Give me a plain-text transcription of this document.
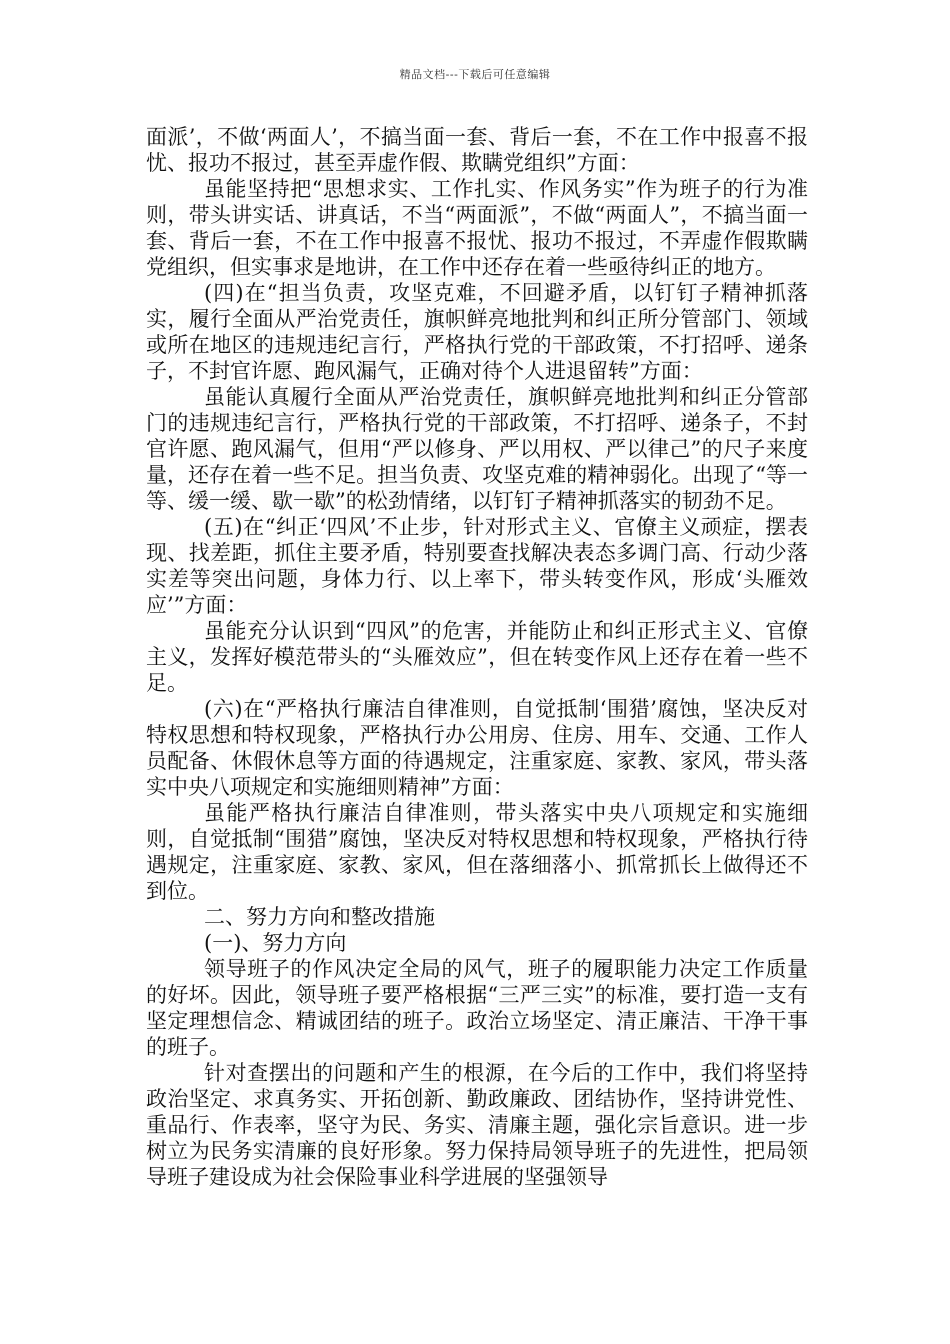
精品文档---下载后可任意编辑

面派’，不做‘两面人’，不搞当面一套、背后一套，不在工作中报喜不报忧、报功不报过，甚至弄虚作假、欺瞒党组织”方面：

虽能坚持把“思想求实、工作扎实、作风务实”作为班子的行为准则，带头讲实话、讲真话，不当“两面派”，不做“两面人”，不搞当面一套、背后一套，不在工作中报喜不报忧、报功不报过，不弄虚作假欺瞒党组织，但实事求是地讲，在工作中还存在着一些亟待纠正的地方。

(四)在“担当负责，攻坚克难，不回避矛盾，以钉钉子精神抓落实，履行全面从严治党责任，旗帜鲜亮地批判和纠正所分管部门、领域或所在地区的违规违纪言行，严格执行党的干部政策，不打招呼、递条子，不封官许愿、跑风漏气，正确对待个人进退留转”方面：

虽能认真履行全面从严治党责任，旗帜鲜亮地批判和纠正分管部门的违规违纪言行，严格执行党的干部政策，不打招呼、递条子，不封官许愿、跑风漏气，但用“严以修身、严以用权、严以律己”的尺子来度量，还存在着一些不足。担当负责、攻坚克难的精神弱化。出现了“等一等、缓一缓、歇一歇”的松劲情绪，以钉钉子精神抓落实的韧劲不足。

(五)在“纠正‘四风’不止步，针对形式主义、官僚主义顽症，摆表现、找差距，抓住主要矛盾，特别要查找解决表态多调门高、行动少落实差等突出问题，身体力行、以上率下，带头转变作风，形成‘头雁效应’”方面：

虽能充分认识到“四风”的危害，并能防止和纠正形式主义、官僚主义，发挥好模范带头的“头雁效应”，但在转变作风上还存在着一些不足。

(六)在“严格执行廉洁自律准则，自觉抵制‘围猎’腐蚀，坚决反对特权思想和特权现象，严格执行办公用房、住房、用车、交通、工作人员配备、休假休息等方面的待遇规定，注重家庭、家教、家风，带头落实中央八项规定和实施细则精神”方面：

虽能严格执行廉洁自律准则，带头落实中央八项规定和实施细则，自觉抵制“围猎”腐蚀，坚决反对特权思想和特权现象，严格执行待遇规定，注重家庭、家教、家风，但在落细落小、抓常抓长上做得还不到位。

二、努力方向和整改措施

(一)、努力方向

领导班子的作风决定全局的风气，班子的履职能力决定工作质量的好坏。因此，领导班子要严格根据“三严三实”的标准，要打造一支有坚定理想信念、精诚团结的班子。政治立场坚定、清正廉洁、干净干事的班子。

针对查摆出的问题和产生的根源，在今后的工作中，我们将坚持政治坚定、求真务实、开拓创新、勤政廉政、团结协作，坚持讲党性、重品行、作表率，坚守为民、务实、清廉主题，强化宗旨意识。进一步树立为民务实清廉的良好形象。努力保持局领导班子的先进性，把局领导班子建设成为社会保险事业科学进展的坚强领导
